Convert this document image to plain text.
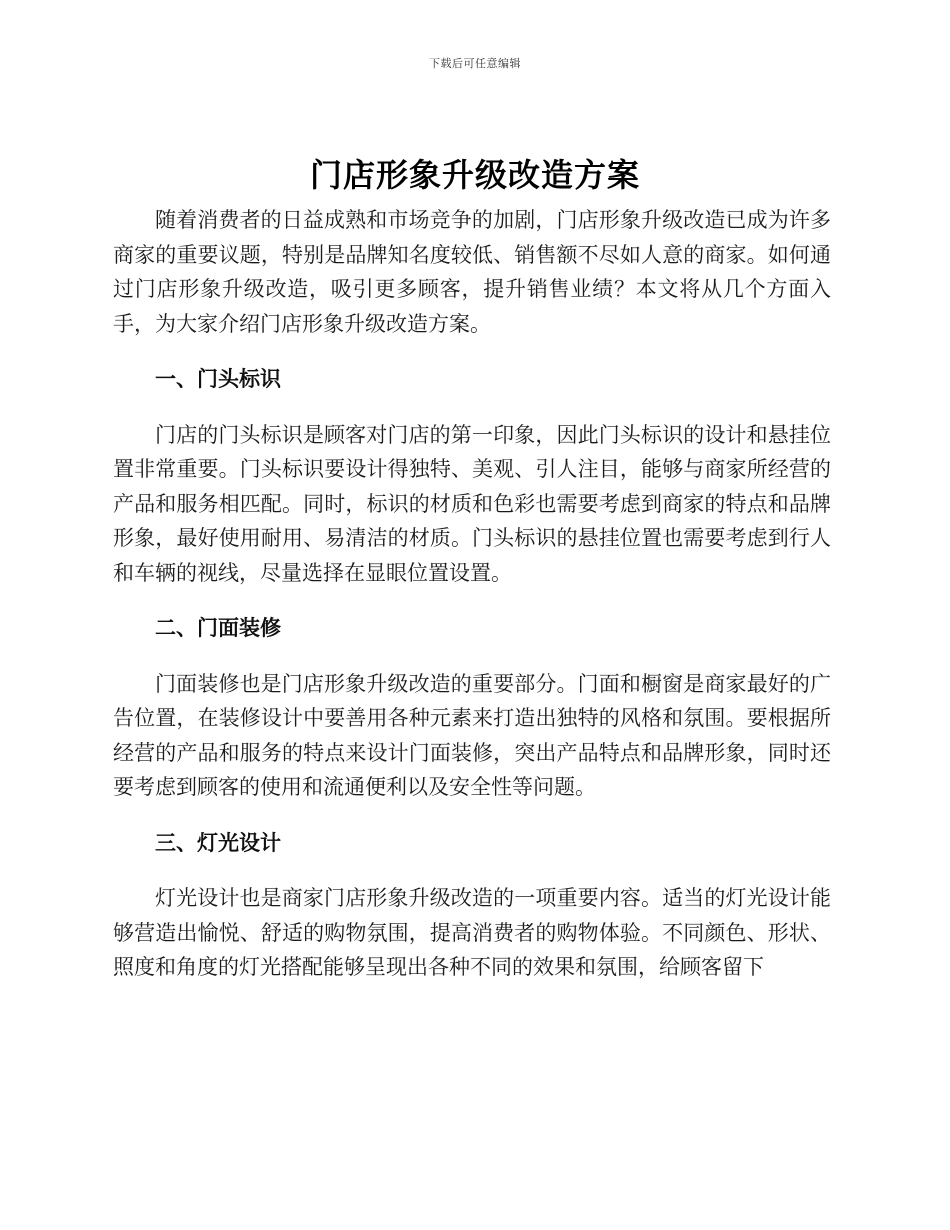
下载后可任意编辑
门店形象升级改造方案

随着消费者的日益成熟和市场竞争的加剧，门店形象升级改造已成为许多商家的重要议题，特别是品牌知名度较低、销售额不尽如人意的商家。如何通过门店形象升级改造，吸引更多顾客，提升销售业绩？本文将从几个方面入手，为大家介绍门店形象升级改造方案。

一、门头标识

门店的门头标识是顾客对门店的第一印象，因此门头标识的设计和悬挂位置非常重要。门头标识要设计得独特、美观、引人注目，能够与商家所经营的产品和服务相匹配。同时，标识的材质和色彩也需要考虑到商家的特点和品牌形象，最好使用耐用、易清洁的材质。门头标识的悬挂位置也需要考虑到行人和车辆的视线，尽量选择在显眼位置设置。

二、门面装修

门面装修也是门店形象升级改造的重要部分。门面和橱窗是商家最好的广告位置，在装修设计中要善用各种元素来打造出独特的风格和氛围。要根据所经营的产品和服务的特点来设计门面装修，突出产品特点和品牌形象，同时还要考虑到顾客的使用和流通便利以及安全性等问题。

三、灯光设计

灯光设计也是商家门店形象升级改造的一项重要内容。适当的灯光设计能够营造出愉悦、舒适的购物氛围，提高消费者的购物体验。不同颜色、形状、照度和角度的灯光搭配能够呈现出各种不同的效果和氛围，给顾客留下
